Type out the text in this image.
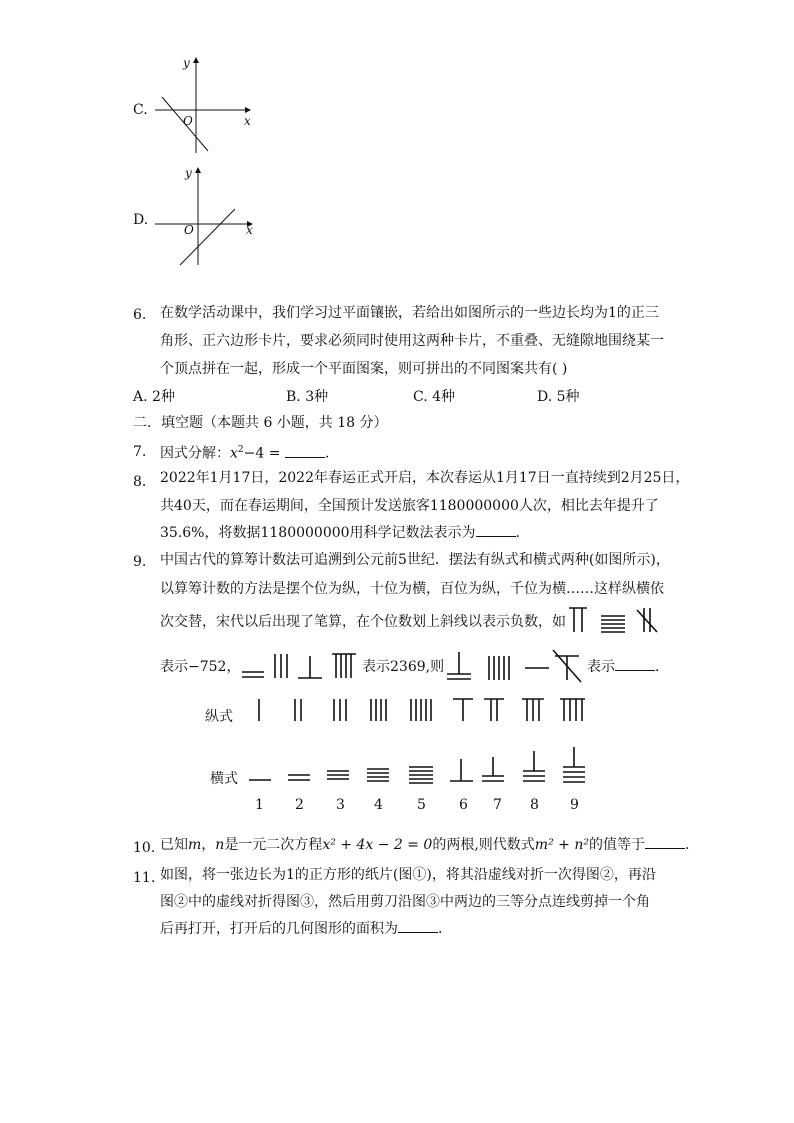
C.
y
x
O
D.
y
x
O
6. 在数学活动课中，我们学习过平面镶嵌，若给出如图所示的一些边长均为1的正三
角形、正六边形卡片，要求必须同时使用这两种卡片，不重叠、无缝隙地围绕某一
个顶点拼在一起，形成一个平面图案，则可拼出的不同图案共有( )
A. 2种	B. 3种	C. 4种	D. 5种
二．填空题（本题共 6 小题，共 18 分）
7. 因式分解：$x^2-4$ =	.
8. 2022年1月17日，2022年春运正式开启，本次春运从1月17日一直持续到2月25日，
共40天，而在春运期间，全国预计发送旅客1180000000人次，相比去年提升了
35.6%，将数据1180000000用科学记数法表示为	.
9. 中国古代的算筹计数法可追溯到公元前5世纪．摆法有纵式和横式两种(如图所示)，
以算筹计数的方法是摆个位为纵，十位为横，百位为纵，千位为横……这样纵横依
次交替，宋代以后出现了笔算，在个位数划上斜线以表示负数，如
表示−752，	表示2369,则	表示	.
纵式
横式
1 2 3 4 5 6 7 8 9
10. 已知m，n是一元二次方程x² + 4x − 2 = 0的两根,则代数式m² + n²的值等于	.
11. 如图，将一张边长为1的正方形的纸片(图①)，将其沿虚线对折一次得图②，再沿
图②中的虚线对折得图③，然后用剪刀沿图③中两边的三等分点连线剪掉一个角
后再打开，打开后的几何图形的面积为	.
